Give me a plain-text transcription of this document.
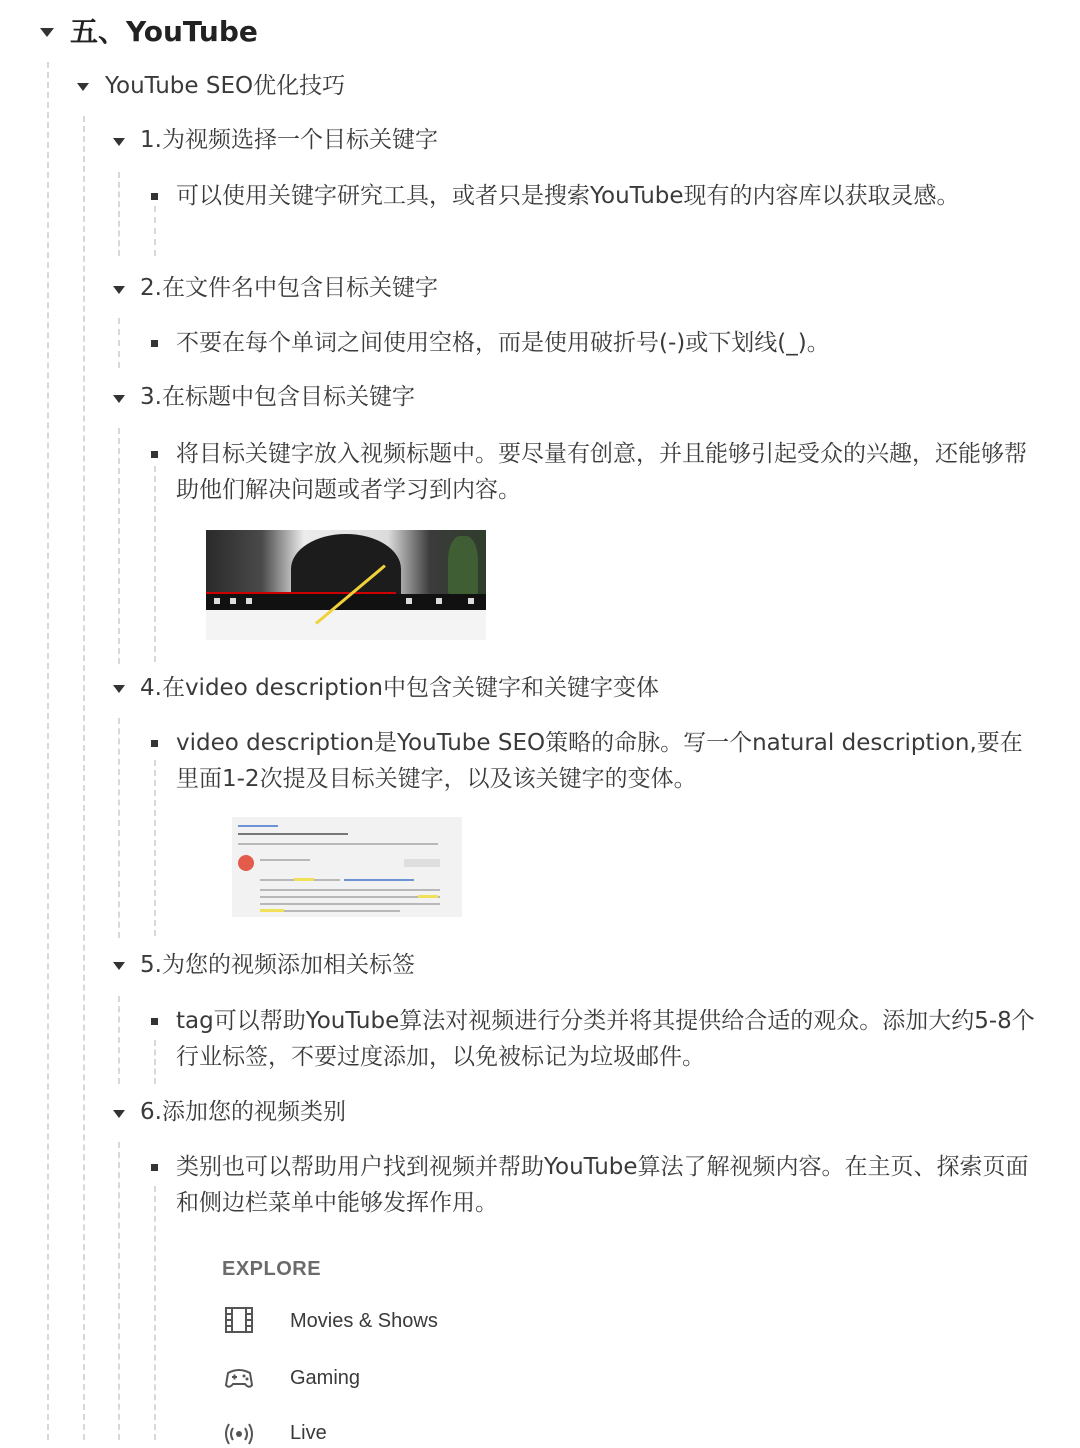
五、YouTube
YouTube SEO优化技巧
1.为视频选择一个目标关键字
可以使用关键字研究工具，或者只是搜索YouTube现有的内容库以获取灵感。
2.在文件名中包含目标关键字
不要在每个单词之间使用空格，而是使用破折号(-)或下划线(_)。
3.在标题中包含目标关键字
将目标关键字放入视频标题中。要尽量有创意，并且能够引起受众的兴趣，还能够帮助他们解决问题或者学习到内容。
4.在video description中包含关键字和关键字变体
video description是YouTube SEO策略的命脉。写一个natural description,要在里面1-2次提及目标关键字，以及该关键字的变体。
5.为您的视频添加相关标签
tag可以帮助YouTube算法对视频进行分类并将其提供给合适的观众。添加大约5-8个行业标签，不要过度添加，以免被标记为垃圾邮件。
6.添加您的视频类别
类别也可以帮助用户找到视频并帮助YouTube算法了解视频内容。在主页、探索页面和侧边栏菜单中能够发挥作用。
EXPLORE
Movies & Shows
Gaming
Live
